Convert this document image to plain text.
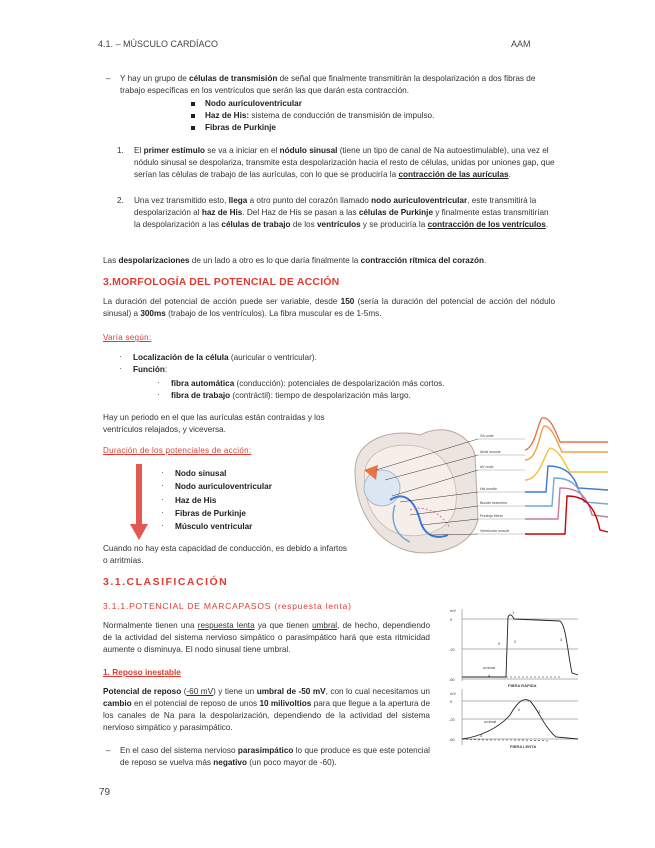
4.1. – MÚSCULO CARDÍACO	AAM
– Y hay un grupo de células de transmisión de señal que finalmente transmitirán la despolarización a dos fibras de trabajo específicas en los ventrículos que serán las que darán esta contracción.
Nodo auriculoventricular
Haz de His: sistema de conducción de transmisión de impulso.
Fibras de Purkinje
1. El primer estímulo se va a iniciar en el nódulo sinusal (tiene un tipo de canal de Na autoestimulable), una vez el nódulo sinusal se despolariza, transmite esta despolarización hacia el resto de células, unidas por uniones gap, que serían las células de trabajo de las aurículas, con lo que se produciría la contracción de las aurículas.
2. Una vez transmitido esto, llega a otro punto del corazón llamado nodo auriculoventricular, este transmitirá la despolarización al haz de His. Del Haz de His se pasan a las células de Purkinje y finalmente estas transmitirían la despolarización a las células de trabajo de los ventrículos y se produciría la contracción de los ventrículos.
Las despolarizaciones de un lado a otro es lo que daría finalmente la contracción rítmica del corazón.
3.MORFOLOGÍA DEL POTENCIAL DE ACCIÓN
La duración del potencial de acción puede ser variable, desde 150 (sería la duración del potencial de acción del nódulo sinusal) a 300ms (trabajo de los ventrículos). La fibra muscular es de 1-5ms.
Varía según:
· Localización de la célula (auricular o ventricular).
· Función:
· fibra automática (conducción): potenciales de despolarización más cortos.
· fibra de trabajo (contráctil): tiempo de despolarización más largo.
Hay un periodo en el que las aurículas están contraídas y los ventrículos relajados, y viceversa.
Duración de los potenciales de acción:
· Nodo sinusal
· Nodo auriculoventricular
· Haz de His
· Fibras de Purkinje
· Músculo ventricular
Cuando no hay esta capacidad de conducción, es debido a infartos o arritmias.
SA node
Atrial muscle
AV node
His bundle
Bundle branches
Purkinje fibers
Ventricular muscle
3.1.CLASIFICACIÓN
3.1.1.POTENCIAL DE MARCAPASOS (respuesta lenta)
Normalmente tienen una respuesta lenta ya que tienen umbral, de hecho, dependiendo de la actividad del sistema nervioso simpático o parasimpático hará que esta ritmicidad aumente o disminuya. El nodo sinusal tiene umbral.
1. Reposo inestable
Potencial de reposo (-60 mV) y tiene un umbral de -50 mV, con lo cual necesitamos un cambio en el potencial de reposo de unos 10 milivoltios para que llegue a la apertura de los canales de Na para la despolarización, dependiendo de la actividad del sistema nervioso simpático y parasimpático.
– En el caso del sistema nervioso parasimpático lo que produce es que este potencial de reposo se vuelva más negativo (un poco mayor de -60).
mV
0
-20
-60
mV
0
-20
-60
FIBRA RÁPIDA
FIBRA LENTA
umbral
umbral
1
2	3
0
4
0	3
4
79
